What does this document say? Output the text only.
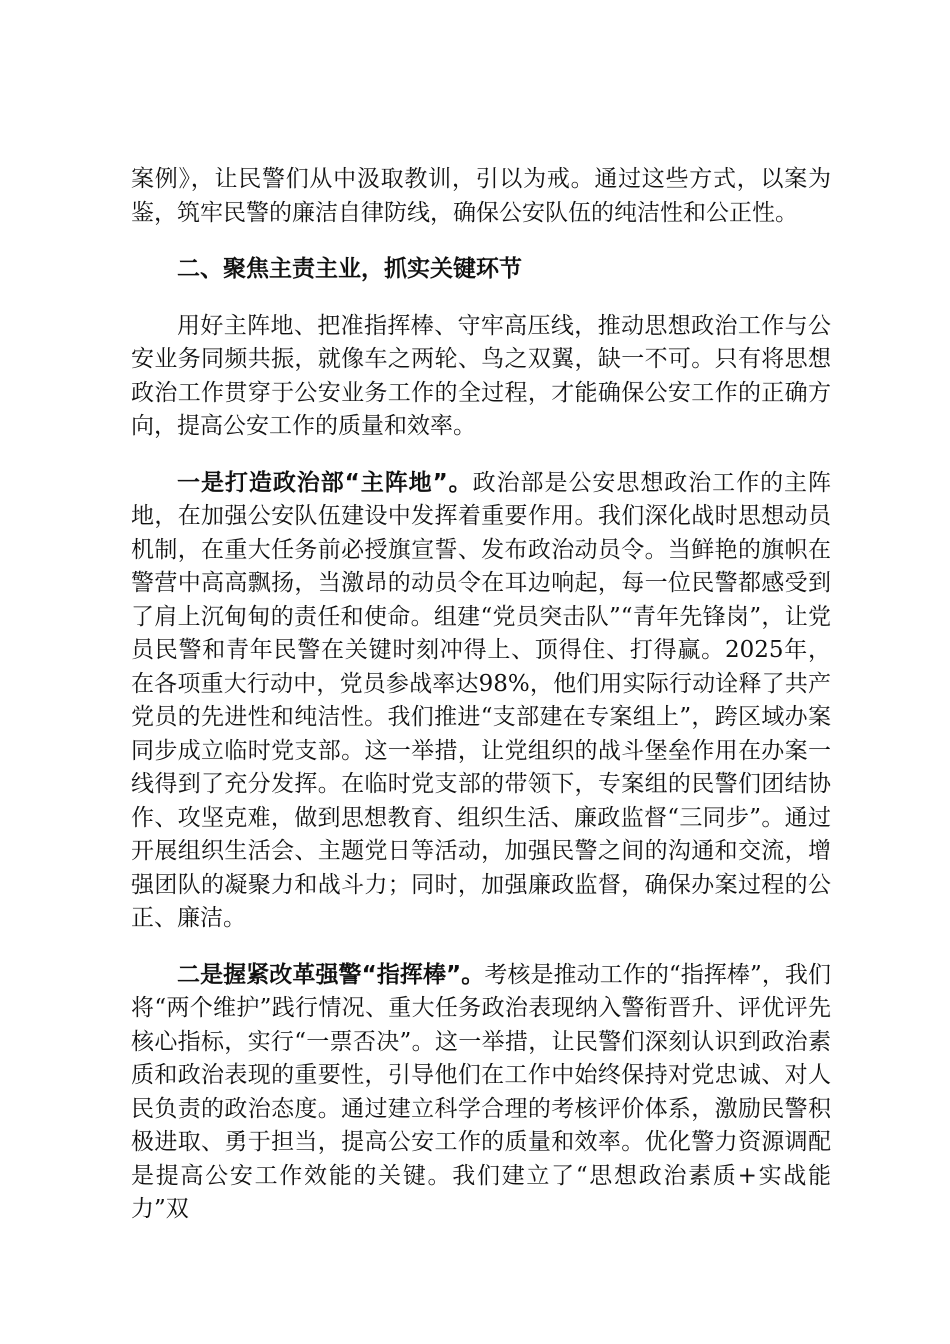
案例》，让民警们从中汲取教训，引以为戒。通过这些方式，以案为鉴，筑牢民警的廉洁自律防线，确保公安队伍的纯洁性和公正性。

二、聚焦主责主业，抓实关键环节

用好主阵地、把准指挥棒、守牢高压线，推动思想政治工作与公安业务同频共振，就像车之两轮、鸟之双翼，缺一不可。只有将思想政治工作贯穿于公安业务工作的全过程，才能确保公安工作的正确方向，提高公安工作的质量和效率。

一是打造政治部“主阵地”。政治部是公安思想政治工作的主阵地，在加强公安队伍建设中发挥着重要作用。我们深化战时思想动员机制，在重大任务前必授旗宣誓、发布政治动员令。当鲜艳的旗帜在警营中高高飘扬，当激昂的动员令在耳边响起，每一位民警都感受到了肩上沉甸甸的责任和使命。组建“党员突击队”“青年先锋岗”，让党员民警和青年民警在关键时刻冲得上、顶得住、打得赢。2025年，在各项重大行动中，党员参战率达98%，他们用实际行动诠释了共产党员的先进性和纯洁性。我们推进“支部建在专案组上”，跨区域办案同步成立临时党支部。这一举措，让党组织的战斗堡垒作用在办案一线得到了充分发挥。在临时党支部的带领下，专案组的民警们团结协作、攻坚克难，做到思想教育、组织生活、廉政监督“三同步”。通过开展组织生活会、主题党日等活动，加强民警之间的沟通和交流，增强团队的凝聚力和战斗力；同时，加强廉政监督，确保办案过程的公正、廉洁。

二是握紧改革强警“指挥棒”。考核是推动工作的“指挥棒”，我们将“两个维护”践行情况、重大任务政治表现纳入警衔晋升、评优评先核心指标，实行“一票否决”。这一举措，让民警们深刻认识到政治素质和政治表现的重要性，引导他们在工作中始终保持对党忠诚、对人民负责的政治态度。通过建立科学合理的考核评价体系，激励民警积极进取、勇于担当，提高公安工作的质量和效率。优化警力资源调配是提高公安工作效能的关键。我们建立了“思想政治素质+实战能力”双
